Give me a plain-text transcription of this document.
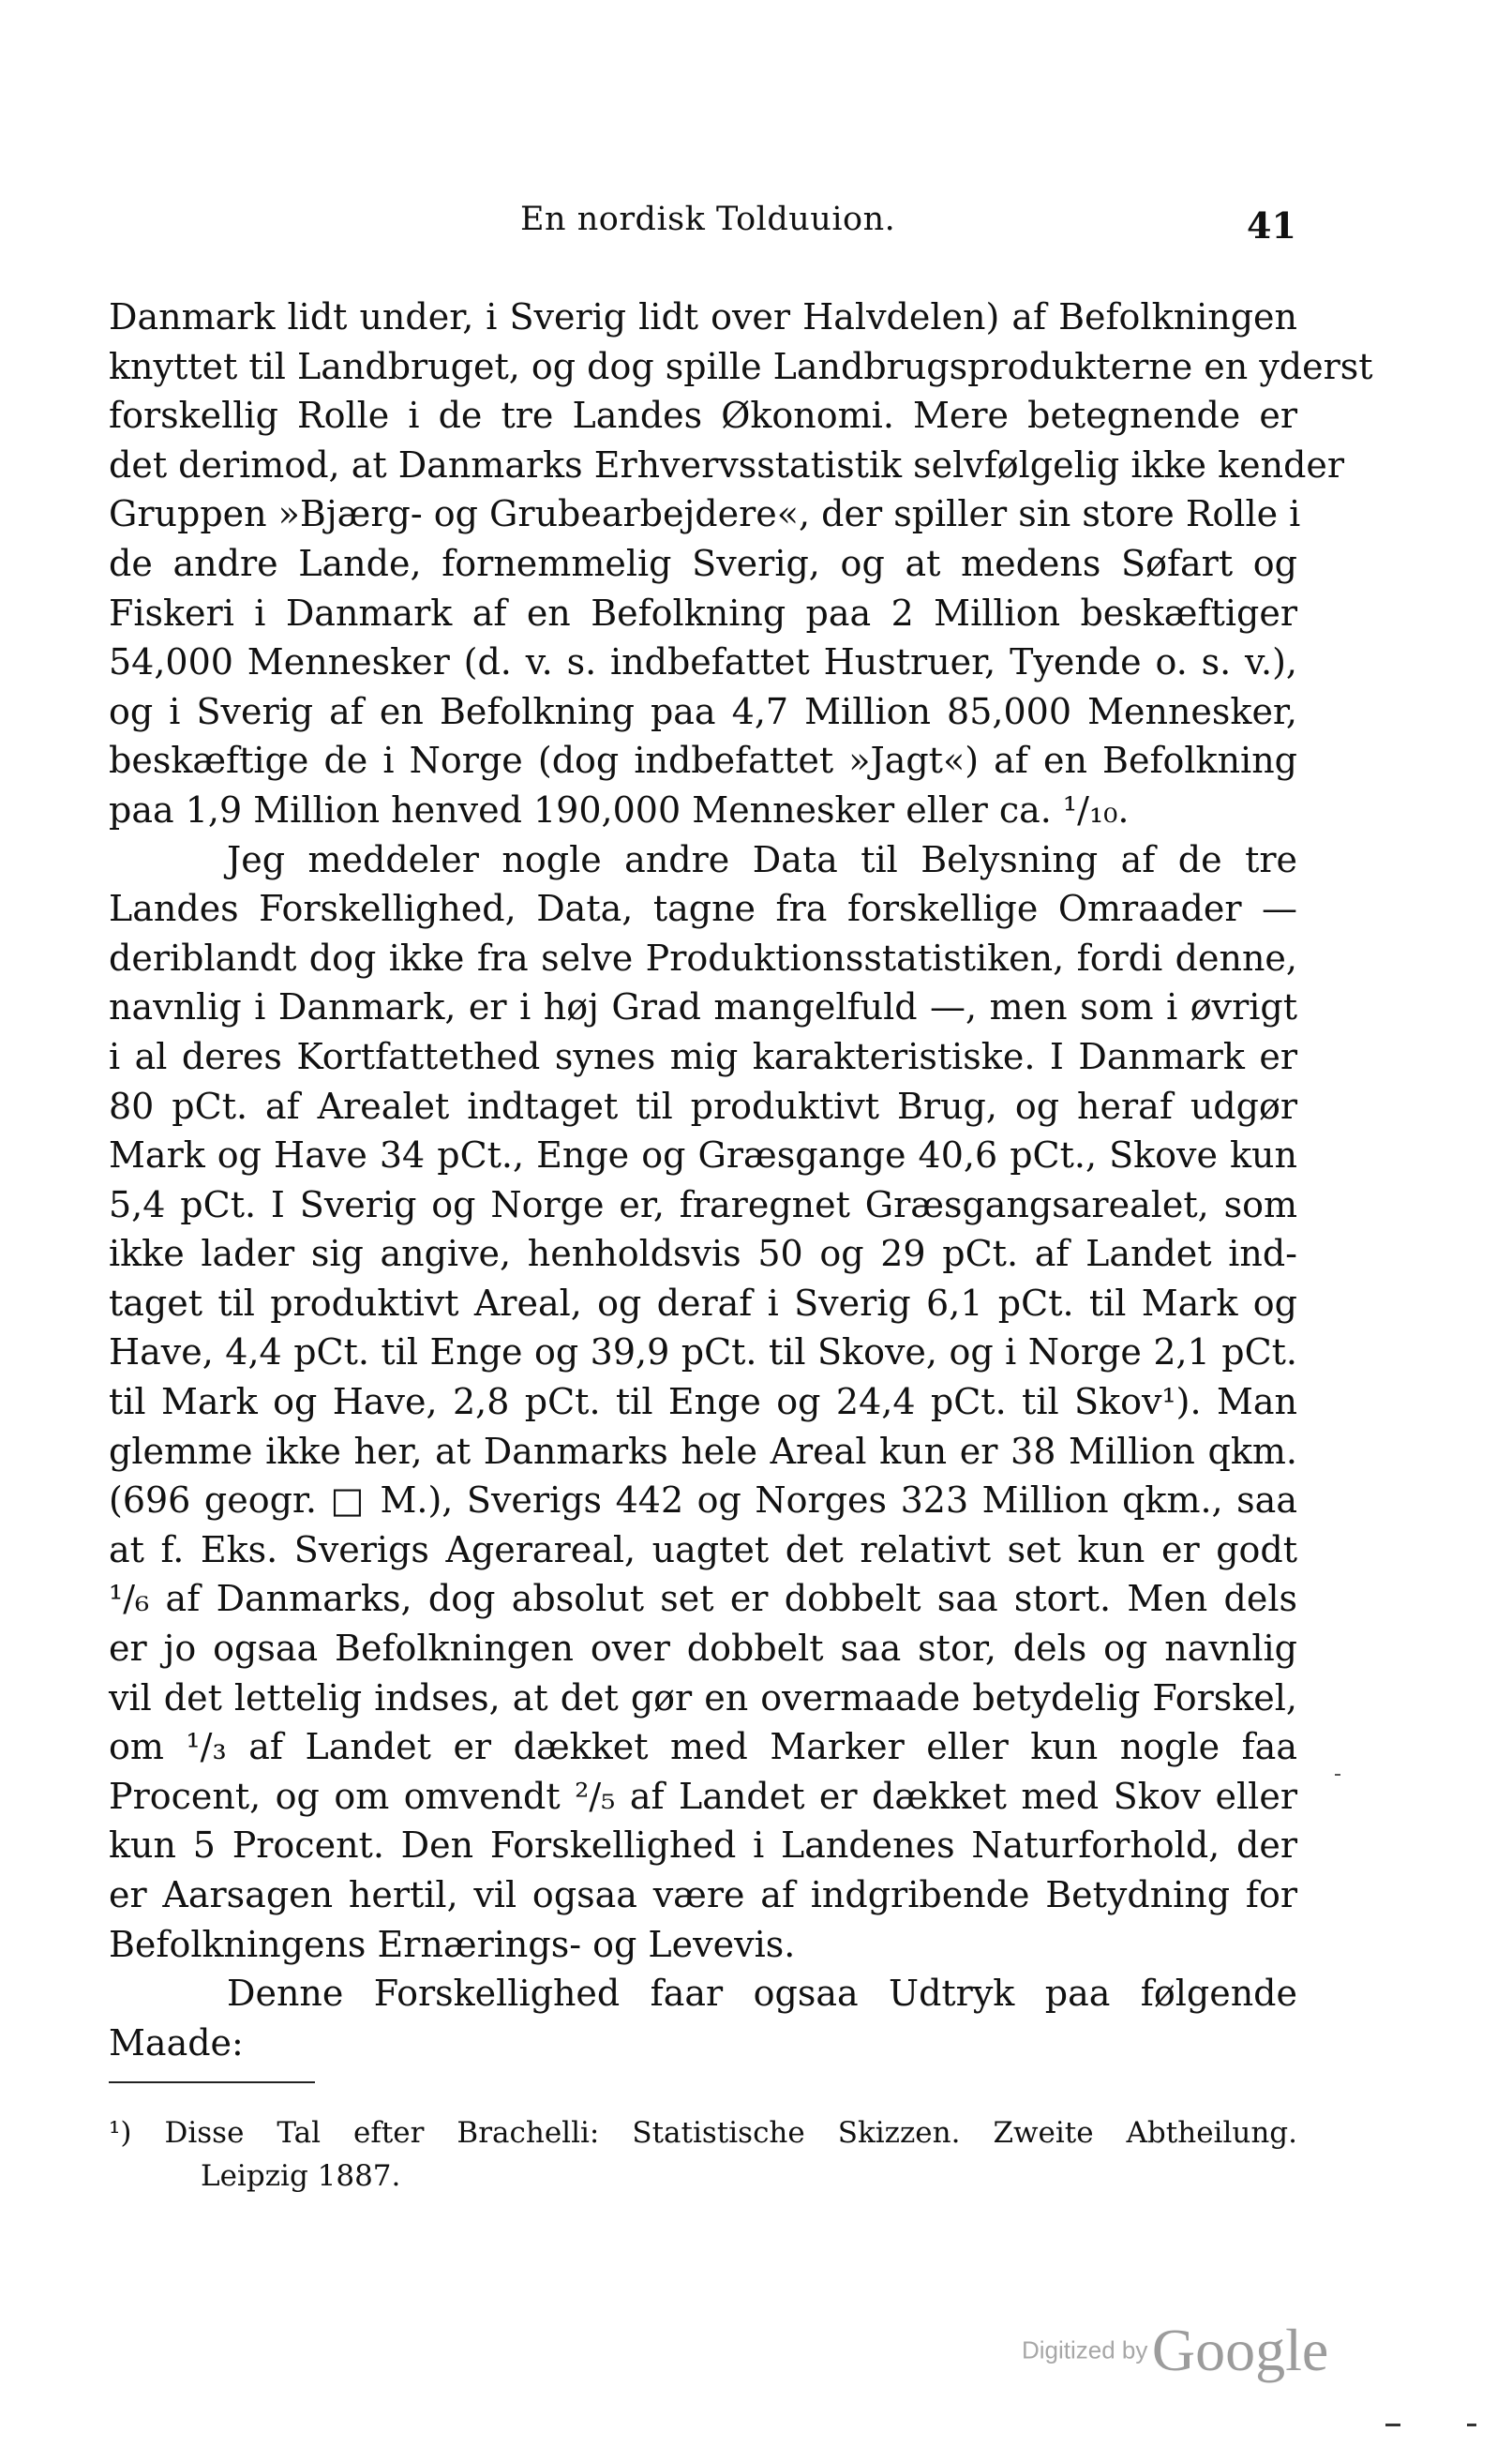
En nordisk Tolduuion.	41
Danmark lidt under, i Sverig lidt over Halvdelen) af Befolkningen
knyttet til Landbruget, og dog spille Landbrugsprodukterne en yderst
forskellig Rolle i de tre Landes Økonomi. Mere betegnende er
det derimod, at Danmarks Erhvervsstatistik selvfølgelig ikke kender
Gruppen »Bjærg- og Grubearbejdere«, der spiller sin store Rolle i
de andre Lande, fornemmelig Sverig, og at medens Søfart og
Fiskeri i Danmark af en Befolkning paa 2 Million beskæftiger
54,000 Mennesker (d. v. s. indbefattet Hustruer, Tyende o. s. v.),
og i Sverig af en Befolkning paa 4,7 Million 85,000 Mennesker,
beskæftige de i Norge (dog indbefattet »Jagt«) af en Befolkning
paa 1,9 Million henved 190,000 Mennesker eller ca. ¹/₁₀.
Jeg meddeler nogle andre Data til Belysning af de tre
Landes Forskellighed, Data, tagne fra forskellige Omraader —
deriblandt dog ikke fra selve Produktionsstatistiken, fordi denne,
navnlig i Danmark, er i høj Grad mangelfuld —, men som i øvrigt
i al deres Kortfattethed synes mig karakteristiske. I Danmark er
80 pCt. af Arealet indtaget til produktivt Brug, og heraf udgør
Mark og Have 34 pCt., Enge og Græsgange 40,6 pCt., Skove kun
5,4 pCt. I Sverig og Norge er, fraregnet Græsgangsarealet, som
ikke lader sig angive, henholdsvis 50 og 29 pCt. af Landet ind-
taget til produktivt Areal, og deraf i Sverig 6,1 pCt. til Mark og
Have, 4,4 pCt. til Enge og 39,9 pCt. til Skove, og i Norge 2,1 pCt.
til Mark og Have, 2,8 pCt. til Enge og 24,4 pCt. til Skov¹). Man
glemme ikke her, at Danmarks hele Areal kun er 38 Million qkm.
(696 geogr. □ M.), Sverigs 442 og Norges 323 Million qkm., saa
at f. Eks. Sverigs Agerareal, uagtet det relativt set kun er godt
¹/₆ af Danmarks, dog absolut set er dobbelt saa stort. Men dels
er jo ogsaa Befolkningen over dobbelt saa stor, dels og navnlig
vil det lettelig indses, at det gør en overmaade betydelig Forskel,
om ¹/₃ af Landet er dækket med Marker eller kun nogle faa
Procent, og om omvendt ²/₅ af Landet er dækket med Skov eller
kun 5 Procent. Den Forskellighed i Landenes Naturforhold, der
er Aarsagen hertil, vil ogsaa være af indgribende Betydning for
Befolkningens Ernærings- og Levevis.
Denne Forskellighed faar ogsaa Udtryk paa følgende
Maade:
¹) Disse Tal efter Brachelli: Statistische Skizzen. Zweite Abtheilung.
Leipzig 1887.
Digitized by Google
